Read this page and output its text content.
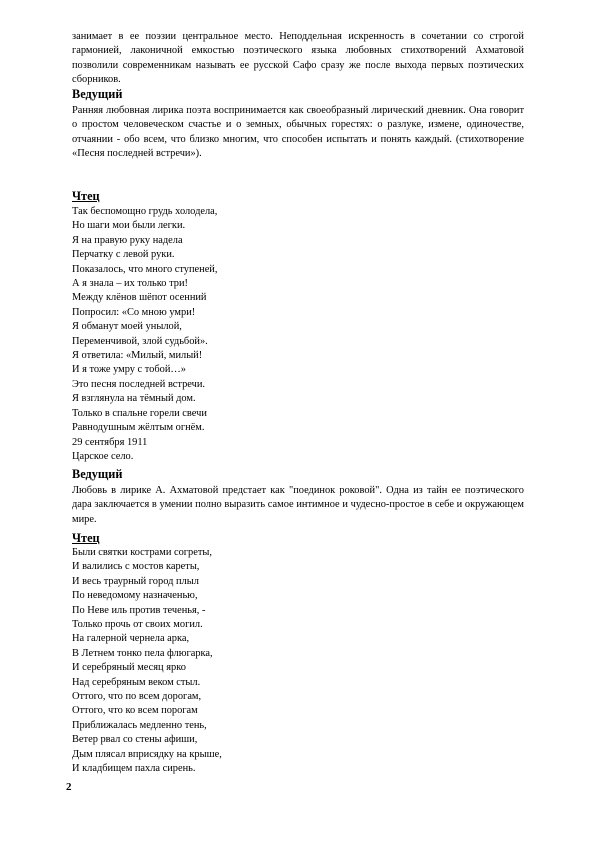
занимает в ее поэзии центральное место. Неподдельная искренность в сочетании со строгой гармонией, лаконичной емкостью поэтического языка любовных стихотворений Ахматовой позволили современникам называть ее русской Сафо сразу же после выхода первых поэтических сборников.
Ведущий
Ранняя любовная лирика поэта воспринимается как своеобразный лирический дневник. Она говорит о простом человеческом счастье и о земных, обычных горестях: о разлуке, измене, одиночестве, отчаянии - обо всем, что близко многим, что способен испытать и понять каждый. (стихотворение «Песня последней встречи»).
Чтец
Так беспомощно грудь холодела,
Но шаги мои были легки.
Я на правую руку надела
Перчатку с левой руки.
Показалось, что много ступеней,
А я знала – их только три!
Между клёнов шёпот осенний
Попросил: «Со мною умри!
Я обманут моей унылой,
Переменчивой, злой судьбой».
Я ответила: «Милый, милый!
И я тоже умру с тобой…»
Это песня последней встречи.
Я взглянула на тёмный дом.
Только в спальне горели свечи
Равнодушным жёлтым огнём.
29 сентября 1911
Царское село.
Ведущий
Любовь в лирике А. Ахматовой предстает как "поединок роковой". Одна из тайн ее поэтического дара заключается в умении полно выразить самое интимное и чудесно-простое в себе и окружающем мире.
Чтец
Были святки кострами согреты,
И валились с мостов кареты,
И весь траурный город плыл
По неведомому назначенью,
По Неве иль против теченья, -
Только прочь от своих могил.
На галерной чернела арка,
В Летнем тонко пела флюгарка,
И серебряный месяц ярко
Над серебряным веком стыл.
Оттого, что по всем дорогам,
Оттого, что ко всем порогам
Приближалась медленно тень,
Ветер рвал со стены афиши,
Дым плясал вприсядку на крыше,
И кладбищем пахла сирень.
2
